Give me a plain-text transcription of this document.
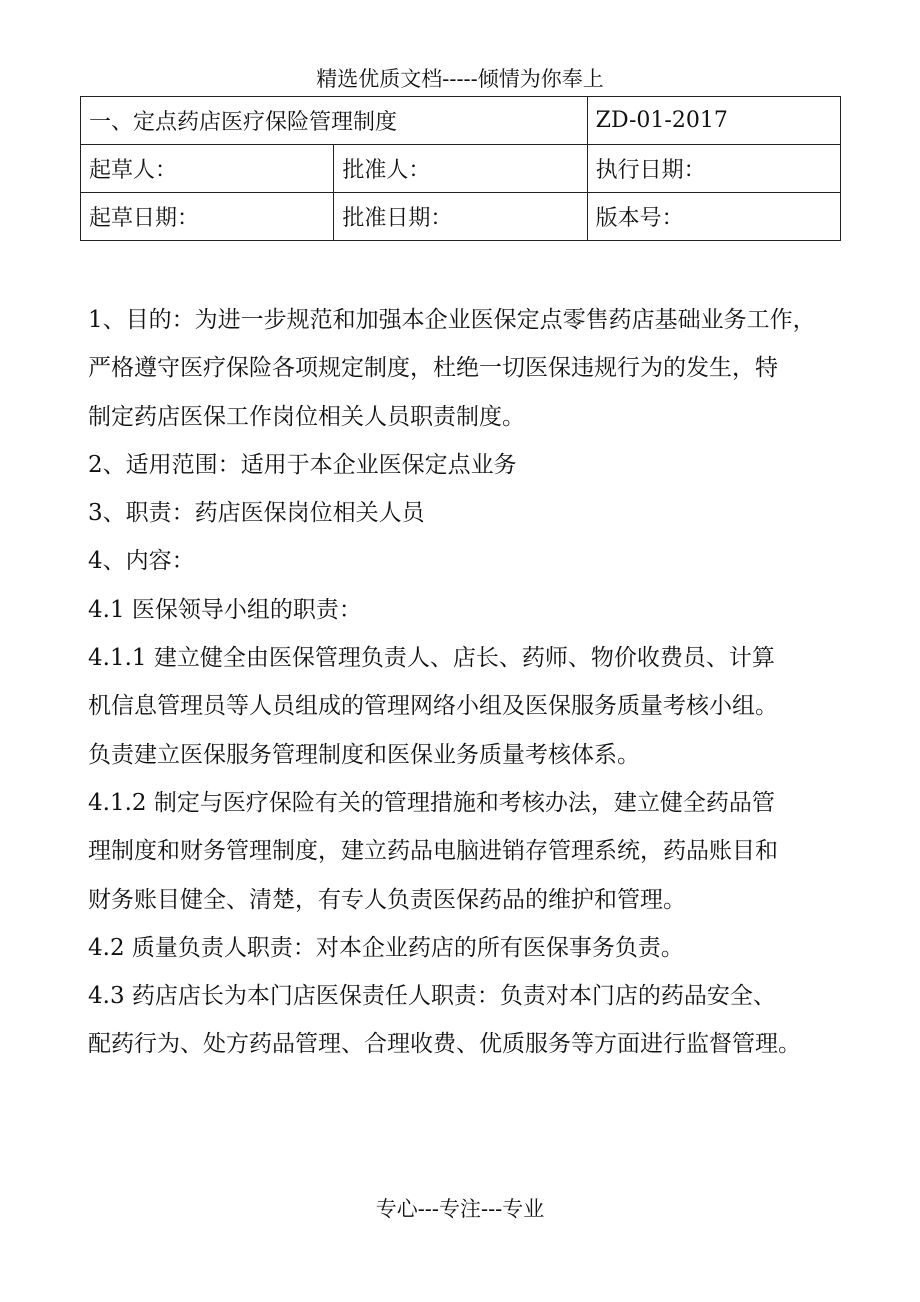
精选优质文档-----倾情为你奉上
一、定点药店医疗保险管理制度		ZD-01-2017
起草人：	批准人：	执行日期：
起草日期：	批准日期：	版本号：

1、目的：为进一步规范和加强本企业医保定点零售药店基础业务工作，

严格遵守医疗保险各项规定制度，杜绝一切医保违规行为的发生，特

制定药店医保工作岗位相关人员职责制度。

2、适用范围：适用于本企业医保定点业务

3、职责：药店医保岗位相关人员

4、内容：

4.1 医保领导小组的职责：

4.1.1 建立健全由医保管理负责人、店长、药师、物价收费员、计算

机信息管理员等人员组成的管理网络小组及医保服务质量考核小组。

负责建立医保服务管理制度和医保业务质量考核体系。

4.1.2 制定与医疗保险有关的管理措施和考核办法，建立健全药品管

理制度和财务管理制度，建立药品电脑进销存管理系统，药品账目和

财务账目健全、清楚，有专人负责医保药品的维护和管理。

4.2 质量负责人职责：对本企业药店的所有医保事务负责。

4.3 药店店长为本门店医保责任人职责：负责对本门店的药品安全、

配药行为、处方药品管理、合理收费、优质服务等方面进行监督管理。

专心---专注---专业
